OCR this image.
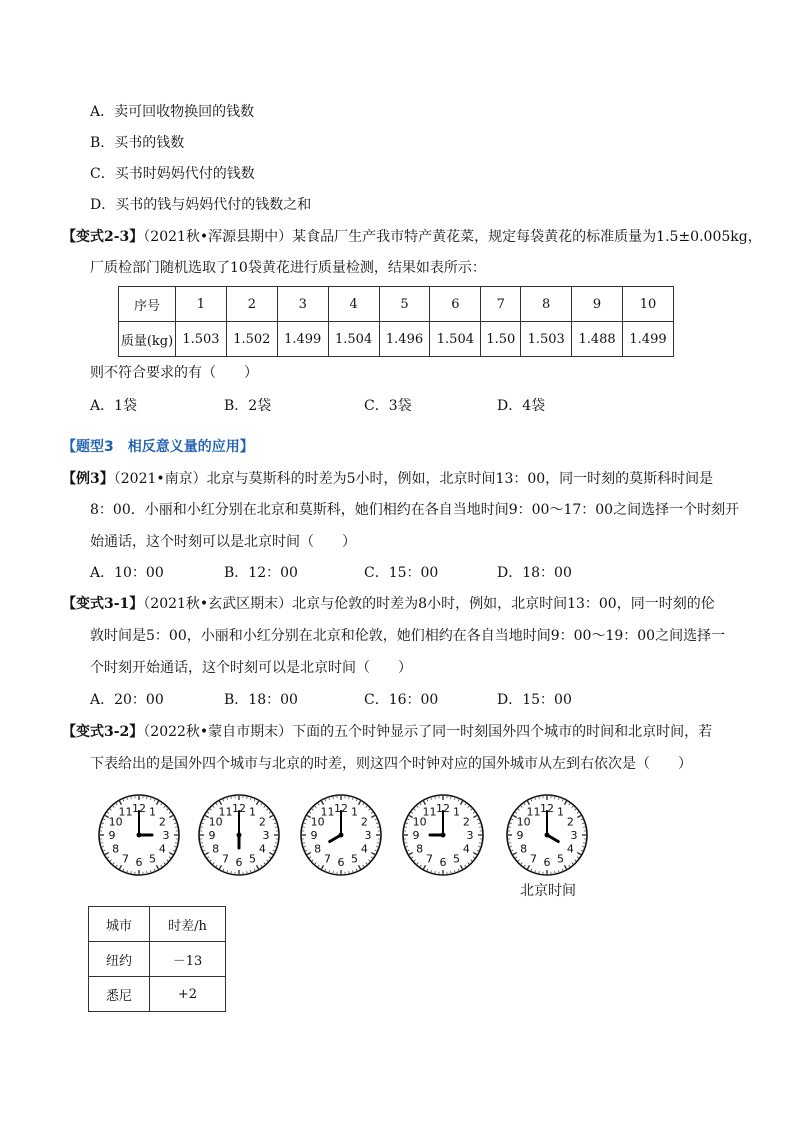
A．卖可回收物换回的钱数
B．买书的钱数
C．买书时妈妈代付的钱数
D．买书的钱与妈妈代付的钱数之和
【变式2-3】（2021秋•浑源县期中）某食品厂生产我市特产黄花菜，规定每袋黄花的标准质量为1.5±0.005kg，
厂质检部门随机选取了10袋黄花进行质量检测，结果如表所示：
序号	1	2	3	4	5	6	7	8	9	10
质量(kg)	1.503	1.502	1.499	1.504	1.496	1.504	1.50	1.503	1.488	1.499
则不符合要求的有（　　）
A．1袋	B．2袋	C．3袋	D．4袋
【题型3　相反意义量的应用】
【例3】（2021•南京）北京与莫斯科的时差为5小时，例如，北京时间13：00，同一时刻的莫斯科时间是
8：00．小丽和小红分别在北京和莫斯科，她们相约在各自当地时间9：00～17：00之间选择一个时刻开
始通话，这个时刻可以是北京时间（　　）
A．10：00	B．12：00	C．15：00	D．18：00
【变式3-1】（2021秋•玄武区期末）北京与伦敦的时差为8小时，例如，北京时间13：00，同一时刻的伦
敦时间是5：00，小丽和小红分别在北京和伦敦，她们相约在各自当地时间9：00～19：00之间选择一
个时刻开始通话，这个时刻可以是北京时间（　　）
A．20：00	B．18：00	C．16：00	D．15：00
【变式3-2】（2022秋•蒙自市期末）下面的五个时钟显示了同一时刻国外四个城市的时间和北京时间，若
下表给出的是国外四个城市与北京的时差，则这四个时钟对应的国外城市从左到右依次是（　　）
12 1
2
3
4
5
6
7
8
9
10
11	12 1
2
3
4
5
6
7
8
9
10
11	12 1
2
3
4
5
6
7
8
9
10
11	12 1
2
3
4
5
6
7
8
9
10
11	12 1
2
3
4
5
6
7
8
9
10
11
北京时间
城市	时差/h
纽约	－13
悉尼	+2
